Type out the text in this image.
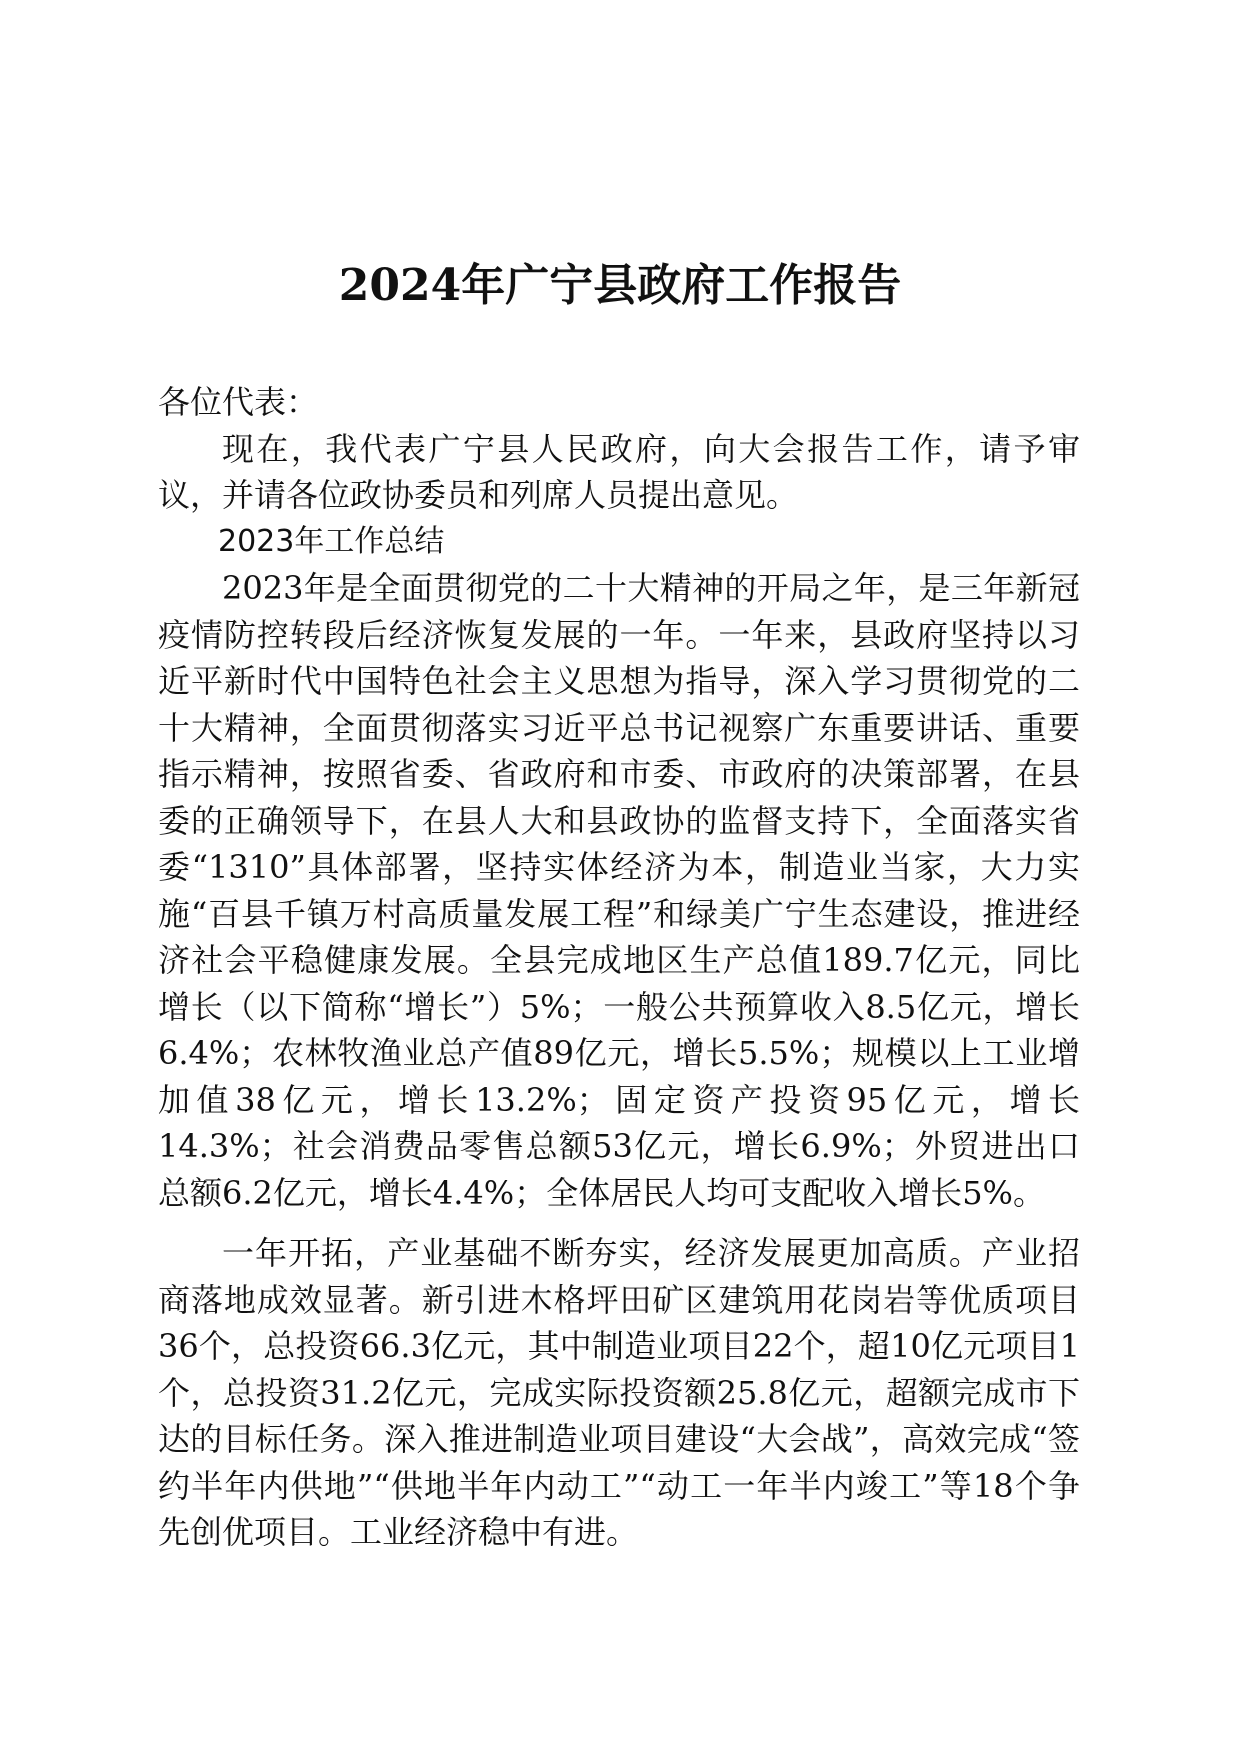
2024年广宁县政府工作报告

各位代表：

现在，我代表广宁县人民政府，向大会报告工作，请予审议，并请各位政协委员和列席人员提出意见。

2023年工作总结

2023年是全面贯彻党的二十大精神的开局之年，是三年新冠疫情防控转段后经济恢复发展的一年。一年来，县政府坚持以习近平新时代中国特色社会主义思想为指导，深入学习贯彻党的二十大精神，全面贯彻落实习近平总书记视察广东重要讲话、重要指示精神，按照省委、省政府和市委、市政府的决策部署，在县委的正确领导下，在县人大和县政协的监督支持下，全面落实省委“1310”具体部署，坚持实体经济为本，制造业当家，大力实施“百县千镇万村高质量发展工程”和绿美广宁生态建设，推进经济社会平稳健康发展。全县完成地区生产总值189.7亿元，同比增长（以下简称“增长”）5%；一般公共预算收入8.5亿元，增长6.4%；农林牧渔业总产值89亿元，增长5.5%；规模以上工业增加值38亿元，增长13.2%；固定资产投资95亿元，增长14.3%；社会消费品零售总额53亿元，增长6.9%；外贸进出口总额6.2亿元，增长4.4%；全体居民人均可支配收入增长5%。

一年开拓，产业基础不断夯实，经济发展更加高质。产业招商落地成效显著。新引进木格坪田矿区建筑用花岗岩等优质项目36个，总投资66.3亿元，其中制造业项目22个，超10亿元项目1个，总投资31.2亿元，完成实际投资额25.8亿元，超额完成市下达的目标任务。深入推进制造业项目建设“大会战”，高效完成“签约半年内供地”“供地半年内动工”“动工一年半内竣工”等18个争先创优项目。工业经济稳中有进。
